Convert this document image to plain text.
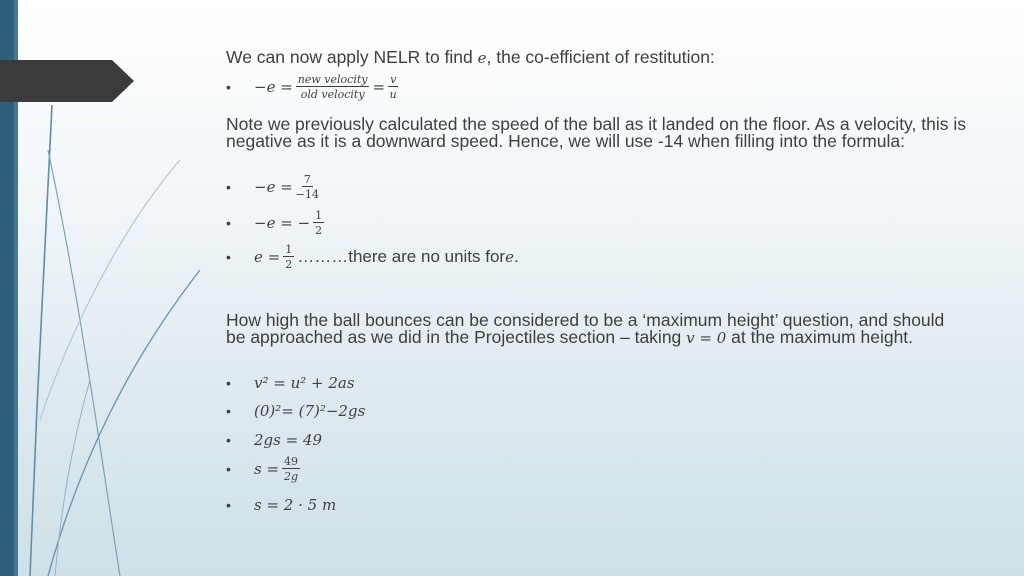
We can now apply NELR to find e, the co-efficient of restitution:

•	$-e = \frac{\text{new velocity}}{\text{old velocity}} = \frac{v}{u}$

Note we previously calculated the speed of the ball as it landed on the floor. As a velocity, this is negative as it is a downward speed. Hence, we will use -14 when filling into the formula:

•	$-e = \frac{7}{-14}$
•	−e = − $\frac{1}{2}$
•	$e = \frac{1}{2}$ ………there are no units for e .

How high the ball bounces can be considered to be a ‘maximum height’ question, and should be approached as we did in the Projectiles section – taking v = 0 at the maximum height.

•	v² = u² + 2as
•	(0)²= (7)²−2gs
•	2gs = 49
•	$s = \frac{49}{2g}$
•	s = 2 · 5 m
